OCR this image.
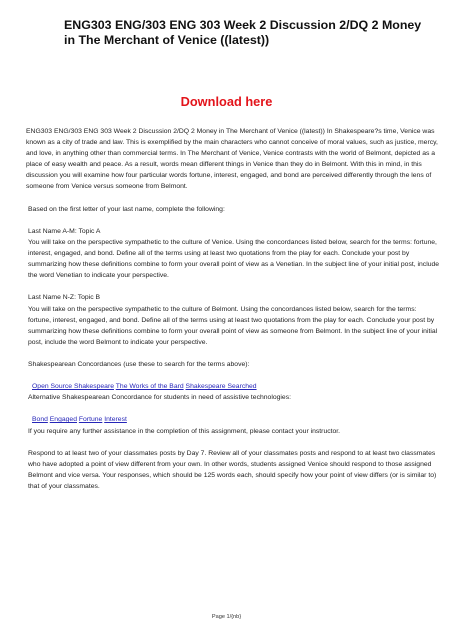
ENG303 ENG/303 ENG 303 Week 2 Discussion 2/DQ 2 Money in The Merchant of Venice ((latest))
Download here

ENG303 ENG/303 ENG 303 Week 2 Discussion 2/DQ 2 Money in The Merchant of Venice ((latest)) In Shakespeare?s time, Venice was known as a city of trade and law. This is exemplified by the main characters who cannot conceive of moral values, such as justice, mercy, and love, in anything other than commercial terms. In The Merchant of Venice, Venice contrasts with the world of Belmont, depicted as a place of easy wealth and peace. As a result, words mean different things in Venice than they do in Belmont. With this in mind, in this discussion you will examine how four particular words fortune, interest, engaged, and bond are perceived differently through the lens of someone from Venice versus someone from Belmont.

Based on the first letter of your last name, complete the following:

Last Name A-M: Topic A

You will take on the perspective sympathetic to the culture of Venice. Using the concordances listed below, search for the terms: fortune, interest, engaged, and bond. Define all of the terms using at least two quotations from the play for each. Conclude your post by summarizing how these definitions combine to form your overall point of view as a Venetian. In the subject line of your initial post, include the word Venetian to indicate your perspective.

Last Name N-Z: Topic B

You will take on the perspective sympathetic to the culture of Belmont. Using the concordances listed below, search for the terms: fortune, interest, engaged, and bond. Define all of the terms using at least two quotations from the play for each. Conclude your post by summarizing how these definitions combine to form your overall point of view as someone from Belmont. In the subject line of your initial post, include the word Belmont to indicate your perspective.

Shakespearean Concordances (use these to search for the terms above):

Open Source Shakespeare The Works of the Bard Shakespeare Searched

Alternative Shakespearean Concordance for students in need of assistive technologies:

Bond Engaged Fortune Interest

If you require any further assistance in the completion of this assignment, please contact your instructor.

Respond to at least two of your classmates posts by Day 7. Review all of your classmates posts and respond to at least two classmates who have adopted a point of view different from your own. In other words, students assigned Venice should respond to those assigned Belmont and vice versa. Your responses, which should be 125 words each, should specify how your point of view differs (or is similar to) that of your classmates.

Page 1/{nb}
